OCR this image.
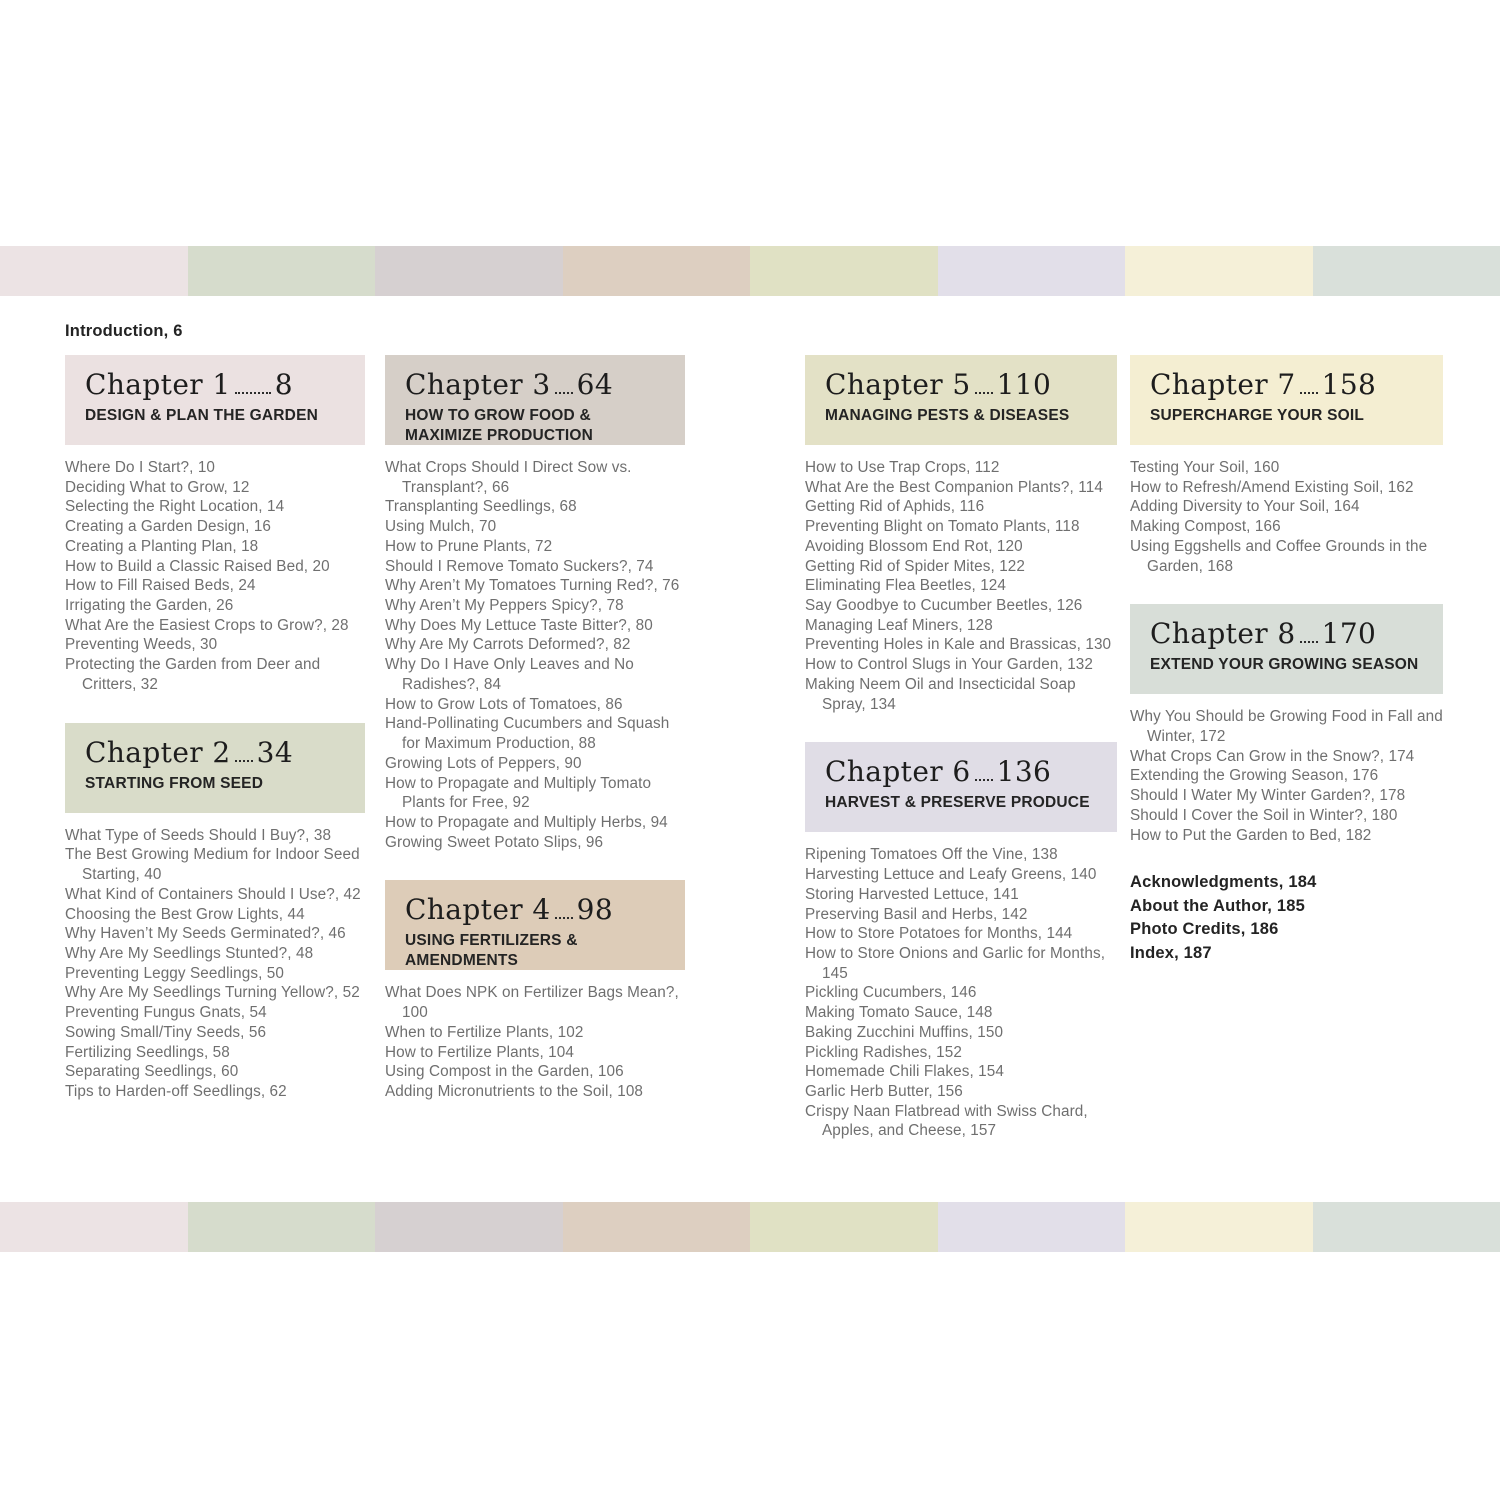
Introduction, 6
Chapter 1 8
DESIGN & PLAN THE GARDEN
Where Do I Start?, 10
Deciding What to Grow, 12
Selecting the Right Location, 14
Creating a Garden Design, 16
Creating a Planting Plan, 18
How to Build a Classic Raised Bed, 20
How to Fill Raised Beds, 24
Irrigating the Garden, 26
What Are the Easiest Crops to Grow?, 28
Preventing Weeds, 30
Protecting the Garden from Deer and Critters, 32
Chapter 2 34
STARTING FROM SEED
What Type of Seeds Should I Buy?, 38
The Best Growing Medium for Indoor Seed Starting, 40
What Kind of Containers Should I Use?, 42
Choosing the Best Grow Lights, 44
Why Haven’t My Seeds Germinated?, 46
Why Are My Seedlings Stunted?, 48
Preventing Leggy Seedlings, 50
Why Are My Seedlings Turning Yellow?, 52
Preventing Fungus Gnats, 54
Sowing Small/Tiny Seeds, 56
Fertilizing Seedlings, 58
Separating Seedlings, 60
Tips to Harden-off Seedlings, 62
Chapter 3 64
HOW TO GROW FOOD & MAXIMIZE PRODUCTION
What Crops Should I Direct Sow vs. Transplant?, 66
Transplanting Seedlings, 68
Using Mulch, 70
How to Prune Plants, 72
Should I Remove Tomato Suckers?, 74
Why Aren’t My Tomatoes Turning Red?, 76
Why Aren’t My Peppers Spicy?, 78
Why Does My Lettuce Taste Bitter?, 80
Why Are My Carrots Deformed?, 82
Why Do I Have Only Leaves and No Radishes?, 84
How to Grow Lots of Tomatoes, 86
Hand-Pollinating Cucumbers and Squash for Maximum Production, 88
Growing Lots of Peppers, 90
How to Propagate and Multiply Tomato Plants for Free, 92
How to Propagate and Multiply Herbs, 94
Growing Sweet Potato Slips, 96
Chapter 4 98
USING FERTILIZERS & AMENDMENTS
What Does NPK on Fertilizer Bags Mean?, 100
When to Fertilize Plants, 102
How to Fertilize Plants, 104
Using Compost in the Garden, 106
Adding Micronutrients to the Soil, 108
Chapter 5 110
MANAGING PESTS & DISEASES
How to Use Trap Crops, 112
What Are the Best Companion Plants?, 114
Getting Rid of Aphids, 116
Preventing Blight on Tomato Plants, 118
Avoiding Blossom End Rot, 120
Getting Rid of Spider Mites, 122
Eliminating Flea Beetles, 124
Say Goodbye to Cucumber Beetles, 126
Managing Leaf Miners, 128
Preventing Holes in Kale and Brassicas, 130
How to Control Slugs in Your Garden, 132
Making Neem Oil and Insecticidal Soap Spray, 134
Chapter 6 136
HARVEST & PRESERVE PRODUCE
Ripening Tomatoes Off the Vine, 138
Harvesting Lettuce and Leafy Greens, 140
Storing Harvested Lettuce, 141
Preserving Basil and Herbs, 142
How to Store Potatoes for Months, 144
How to Store Onions and Garlic for Months, 145
Pickling Cucumbers, 146
Making Tomato Sauce, 148
Baking Zucchini Muffins, 150
Pickling Radishes, 152
Homemade Chili Flakes, 154
Garlic Herb Butter, 156
Crispy Naan Flatbread with Swiss Chard, Apples, and Cheese, 157
Chapter 7 158
SUPERCHARGE YOUR SOIL
Testing Your Soil, 160
How to Refresh/Amend Existing Soil, 162
Adding Diversity to Your Soil, 164
Making Compost, 166
Using Eggshells and Coffee Grounds in the Garden, 168
Chapter 8 170
EXTEND YOUR GROWING SEASON
Why You Should be Growing Food in Fall and Winter, 172
What Crops Can Grow in the Snow?, 174
Extending the Growing Season, 176
Should I Water My Winter Garden?, 178
Should I Cover the Soil in Winter?, 180
How to Put the Garden to Bed, 182
Acknowledgments, 184
About the Author, 185
Photo Credits, 186
Index, 187
